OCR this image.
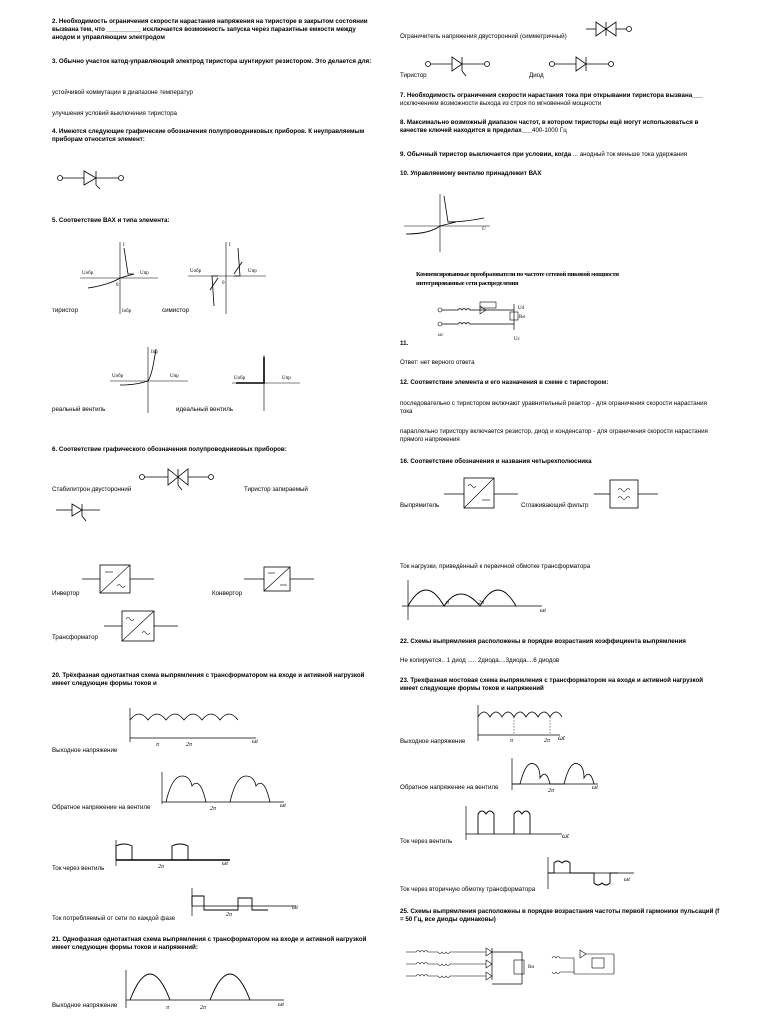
2. Необходимость ограничения скорости нарастания напряжения на тиристоре в закрытом состоянии вызвана тем, что __________ исключается возможность запуска через паразитные емкости между анодом и управляющим электродом
3. Обычно участок катод-управляющий электрод тиристора шунтируют резистором. Это делается для:
устойчивой коммутации в диапазоне температур
улучшения условий выключения тиристора
4. Имеются следующие графические обозначения полупроводниковых приборов. К неуправляемым приборам относится элемент:
5. Соответствие ВАХ и типа элемента:
Uобр	Uпр
I
0
Iобр
Uобр	Uпр
I
0
тиристор	симистор
Uобр	Uпр
Iпр
Uобр	Uпр
реальный вентиль	идеальный вентиль
6. Соответствие графического обозначения полупроводниковых приборов:
Стабилитрон двусторонний	Тиристор запираемый
Инвертор	Конвертор
Трансформатор
20. Трёхфазная однотактная схема выпрямления с трансформатором на входе и активной нагрузкой имеет следующие формы токов и
π	2π	ωt
Выходное напряжение
2π	ωt
Обратное напряжение на вентиле
2π	ωt
Ток через вентиль
2π
ωt
Ток потребляемый от сети по каждой фазе
21. Однофазная однотактная схема выпрямления с трансформатором на входе и активной нагрузкой имеет следующие формы токов и напряжений:
π	2π	ωt
Выходное напряжение
Ограничитель напряжения двусторонний (симметричный)
Тиристор	Диод
7. Необходимость ограничения скорости нарастания тока при открывании тиристора вызвана___
исключением возможности выхода из строя по мгновенной мощности
8. Максимально возможный диапазон частот, в котором тиристоры ещё могут использоваться в качестве ключей находится в пределах___400-1000 Гц
9. Обычный тиристор выключается при условии, когда ... анодный ток меньше тока удержания
10. Управляемому вентилю принадлежит ВАХ
U
Компенсированные преобразователи по частоте сетевой пиковой мощности интегрированные сети распределения
Ud
Rн
ωс
Uс
11.
Ответ: нет верного ответа
12. Соответствие элемента и его назначения в схеме с тиристором:
последовательно с тиристором включают уравнительный реактор - для ограничения скорости нарастания тока
параллельно тиристору включается резистор, диод и конденсатор - для ограничения скорости нарастания прямого напряжения
16. Соответствие обозначения и названия четырехполюсника
Выпрямитель	Сглаживающий фильтр
Ток нагрузки, приведённый к первичной обмотке трансформатора
π	2π
ωt
22. Схемы выпрямления расположены в порядке возрастания коэффициента выпрямления
Не копируется.. 1 диод ..... 2диода....3диода....6 диодов
23. Трехфазная мостовая схема выпрямления с трансформатором на входе и активной нагрузкой имеет следующие формы токов и напряжений
π	2π ωt
Выходное напряжение
2π	ωt
Обратное напряжение на вентиле
ωt
Ток через вентиль
ωt
Ток через вторичную обмотку трансформатора
25. Схемы выпрямления расположены в порядке возрастания частоты первой гармоники пульсаций (f = 50 Гц, все диоды одинаковы)
Rн
